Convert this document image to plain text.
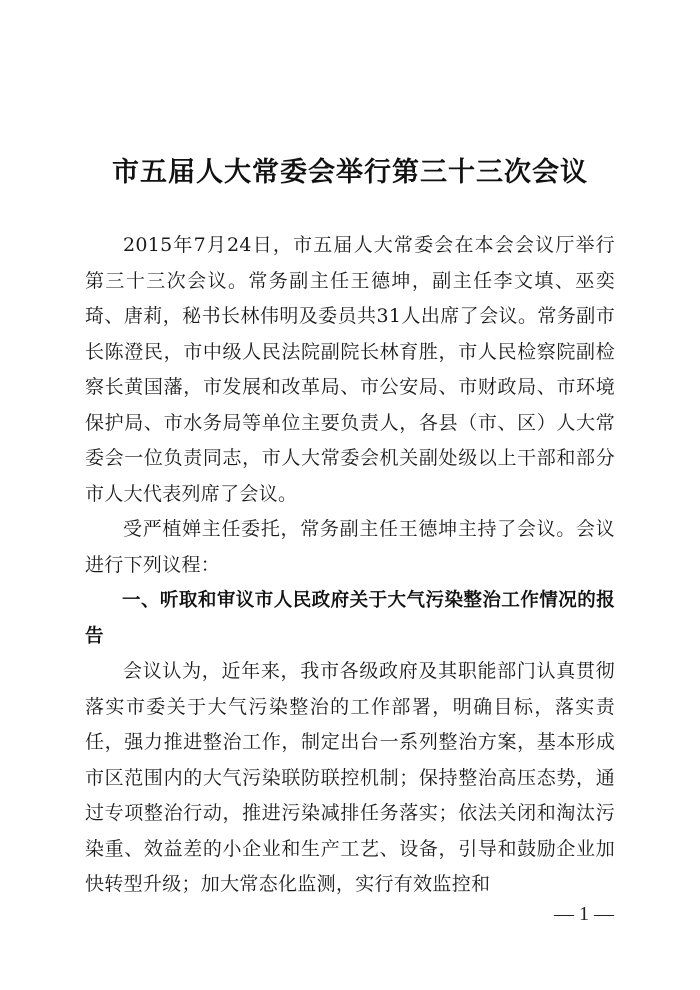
市五届人大常委会举行第三十三次会议

2015年7月24日，市五届人大常委会在本会会议厅举行第三十三次会议。常务副主任王德坤，副主任李文填、巫奕琦、唐莉，秘书长林伟明及委员共31人出席了会议。常务副市长陈澄民，市中级人民法院副院长林育胜，市人民检察院副检察长黄国藩，市发展和改革局、市公安局、市财政局、市环境保护局、市水务局等单位主要负责人，各县（市、区）人大常委会一位负责同志，市人大常委会机关副处级以上干部和部分市人大代表列席了会议。

受严植婵主任委托，常务副主任王德坤主持了会议。会议进行下列议程：

一、听取和审议市人民政府关于大气污染整治工作情况的报告

会议认为，近年来，我市各级政府及其职能部门认真贯彻落实市委关于大气污染整治的工作部署，明确目标，落实责任，强力推进整治工作，制定出台一系列整治方案，基本形成市区范围内的大气污染联防联控机制；保持整治高压态势，通过专项整治行动，推进污染减排任务落实；依法关闭和淘汰污染重、效益差的小企业和生产工艺、设备，引导和鼓励企业加快转型升级；加大常态化监测，实行有效监控和

— 1 —
